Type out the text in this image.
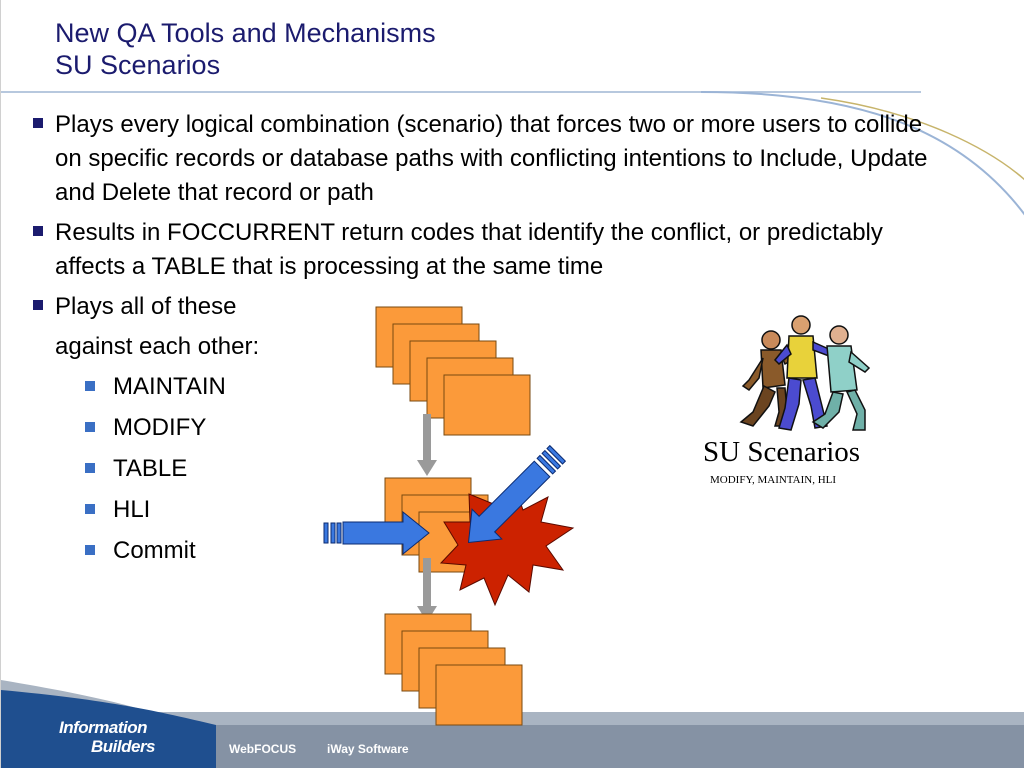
New QA Tools and Mechanisms
SU Scenarios
Plays every logical combination (scenario) that forces two or more users to collide on specific records or database paths with conflicting intentions to Include, Update and Delete that record or path
Results in FOCCURRENT return codes that identify the conflict, or predictably affects a TABLE that is processing at the same time
Plays all of these
against each other:
MAINTAIN
MODIFY
TABLE
HLI
Commit
SU Scenarios
MODIFY, MAINTAIN, HLI
Information
Builders	WebFOCUS	iWay Software
